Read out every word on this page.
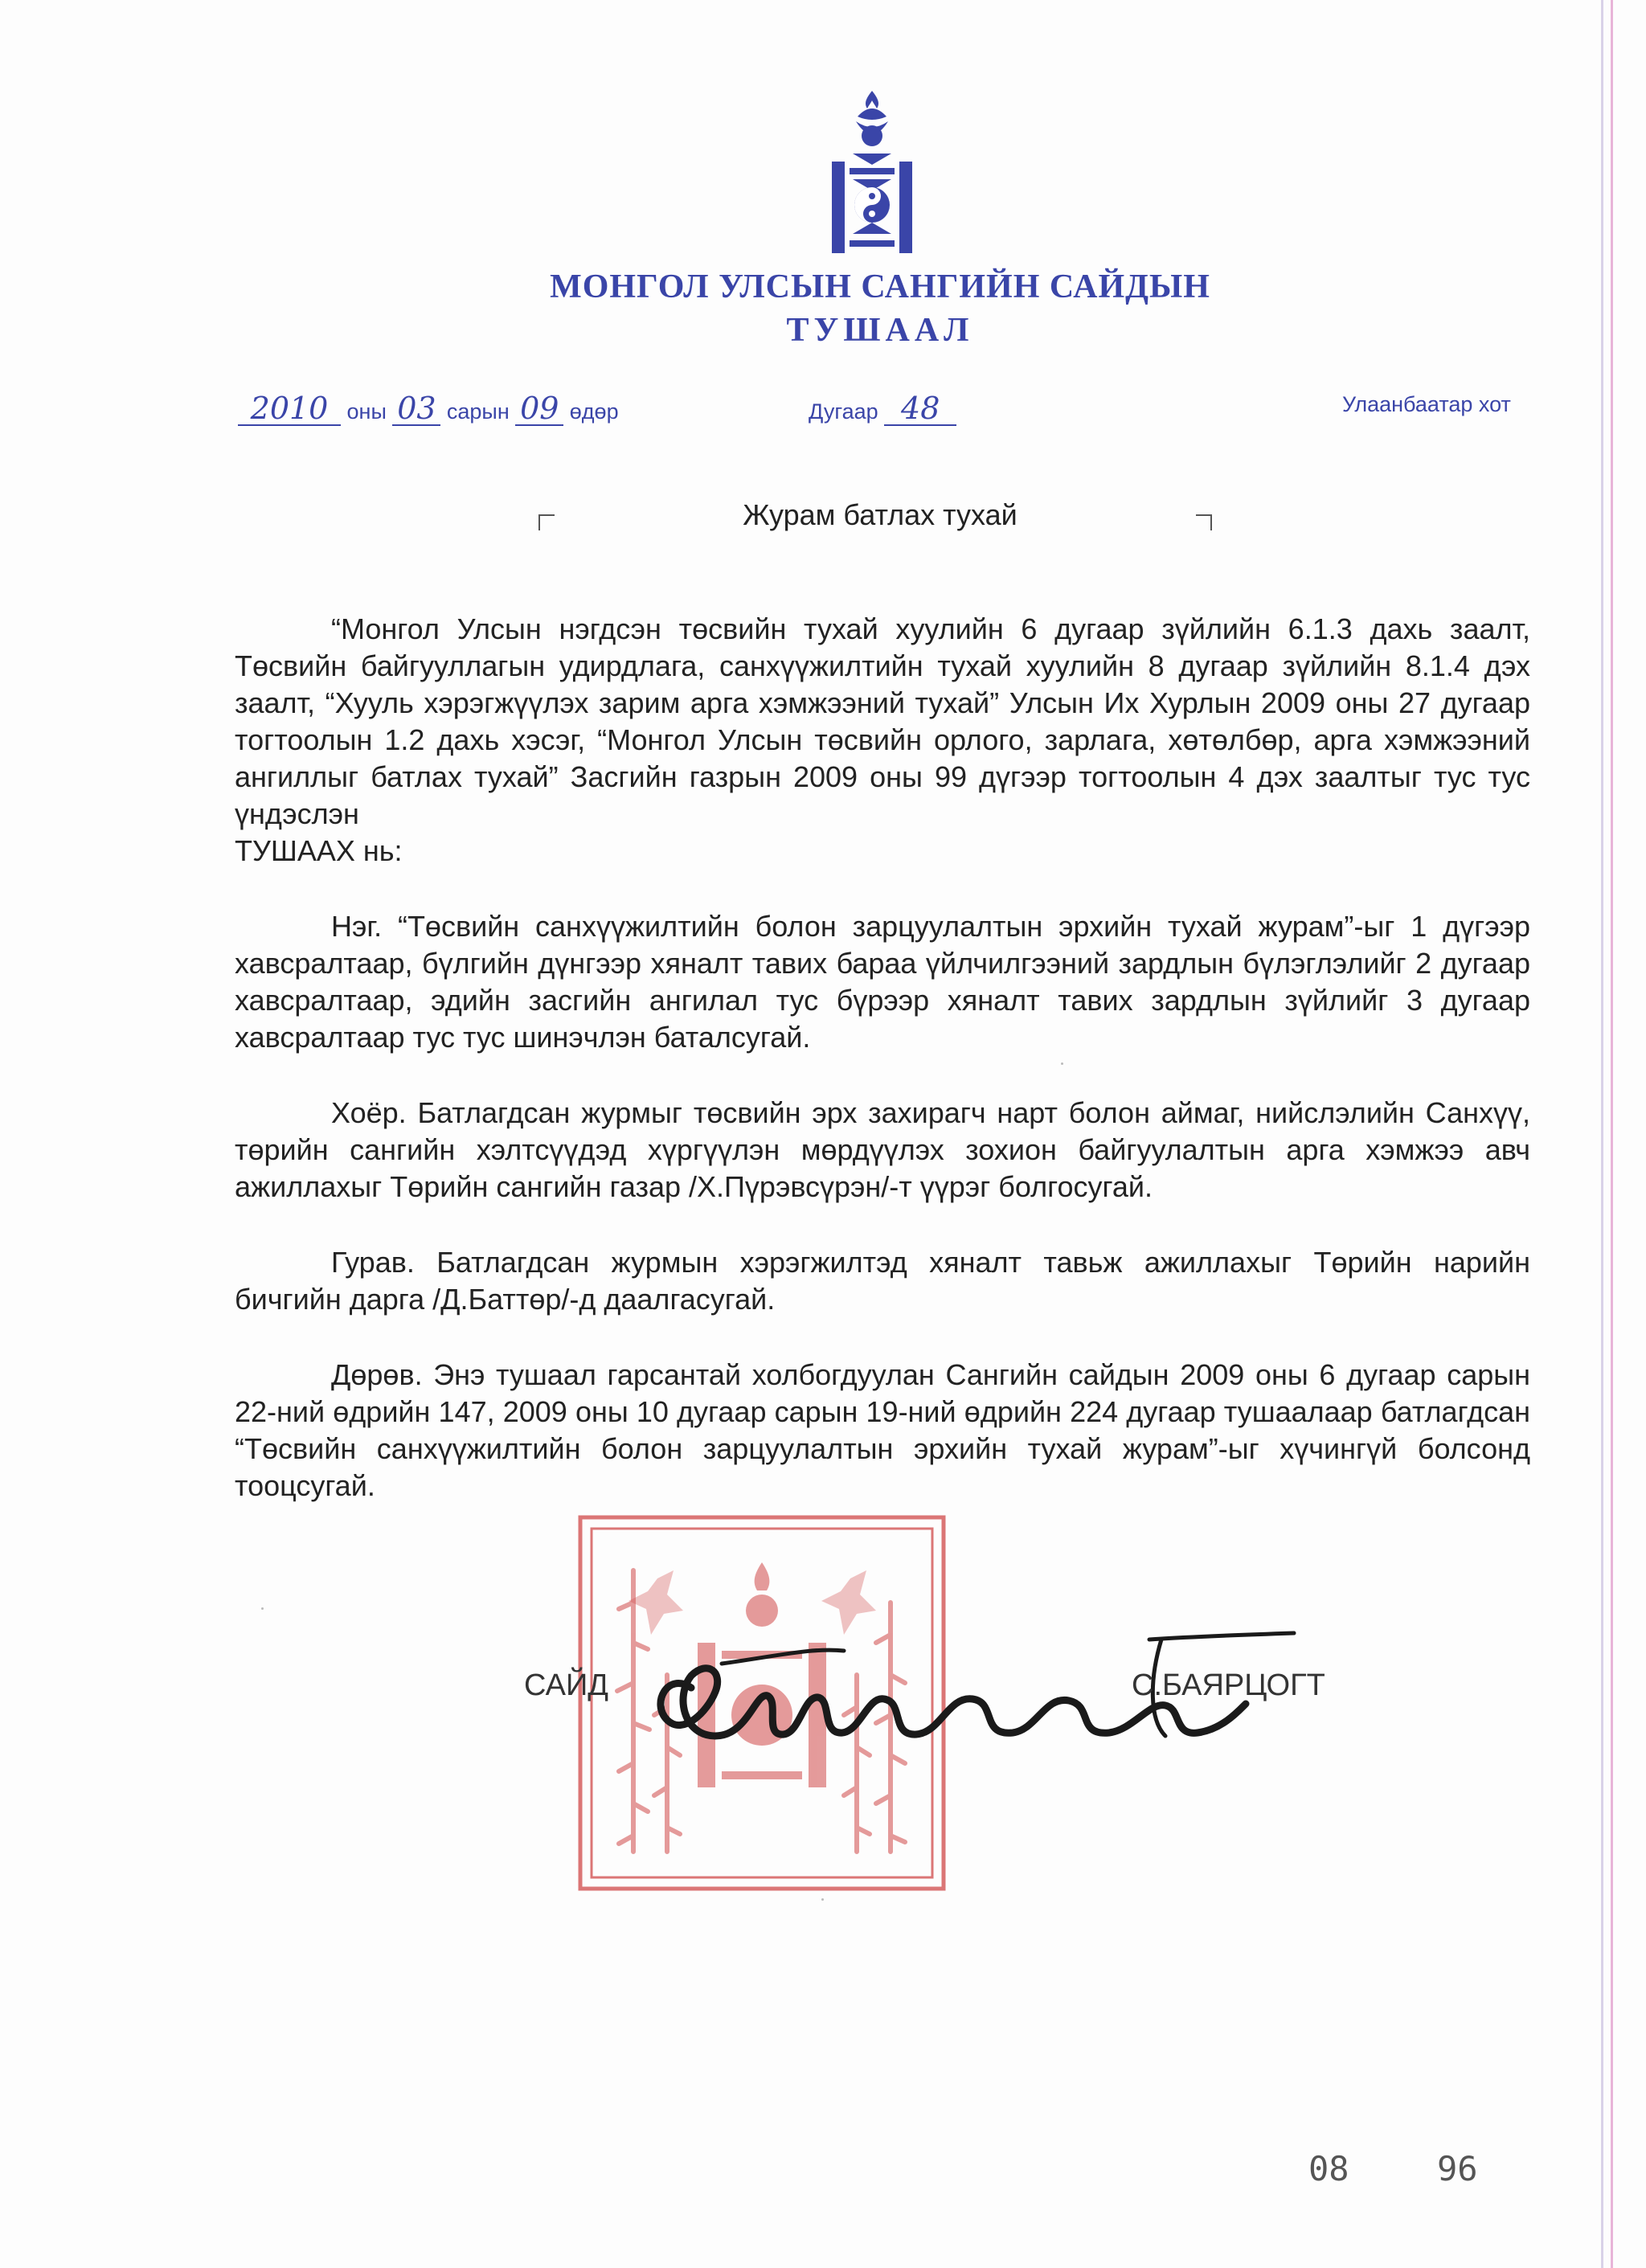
МОНГОЛ УЛСЫН САНГИЙН САЙДЫН
ТУШААЛ
2010 оны 03 сарын 09 өдөр	Дугаар 48	Улаанбаатар хот
Журам батлах тухай

“Монгол Улсын нэгдсэн төсвийн тухай хуулийн 6 дугаар зүйлийн 6.1.3 дахь заалт, Төсвийн байгууллагын удирдлага, санхүүжилтийн тухай хуулийн 8 дугаар зүйлийн 8.1.4 дэх заалт, “Хууль хэрэгжүүлэх зарим арга хэмжээний тухай” Улсын Их Хурлын 2009 оны 27 дугаар тогтоолын 1.2 дахь хэсэг, “Монгол Улсын төсвийн орлого, зарлага, хөтөлбөр, арга хэмжээний ангиллыг батлах тухай” Засгийн газрын 2009 оны 99 дүгээр тогтоолын 4 дэх заалтыг тус тус үндэслэн

ТУШААХ нь:

Нэг. “Төсвийн санхүүжилтийн болон зарцуулалтын эрхийн тухай журам”-ыг 1 дүгээр хавсралтаар, бүлгийн дүнгээр хяналт тавих бараа үйлчилгээний зардлын бүлэглэлийг 2 дугаар хавсралтаар, эдийн засгийн ангилал тус бүрээр хяналт тавих зардлын зүйлийг 3 дугаар хавсралтаар тус тус шинэчлэн баталсугай.

Хоёр. Батлагдсан журмыг төсвийн эрх захирагч нарт болон аймаг, нийслэлийн Санхүү, төрийн сангийн хэлтсүүдэд хүргүүлэн мөрдүүлэх зохион байгуулалтын арга хэмжээ авч ажиллахыг Төрийн сангийн газар /Х.Пүрэвсүрэн/-т үүрэг болгосугай.

Гурав. Батлагдсан журмын хэрэгжилтэд хяналт тавьж ажиллахыг Төрийн нарийн бичгийн дарга /Д.Баттөр/-д даалгасугай.

Дөрөв. Энэ тушаал гарсантай холбогдуулан Сангийн сайдын 2009 оны 6 дугаар сарын 22-ний өдрийн 147, 2009 оны 10 дугаар сарын 19-ний өдрийн 224 дугаар тушаалаар батлагдсан “Төсвийн санхүүжилтийн болон зарцуулалтын эрхийн тухай журам”-ыг хүчингүй болсонд тооцсугай.

САЙД	С.БАЯРЦОГТ
08	96
